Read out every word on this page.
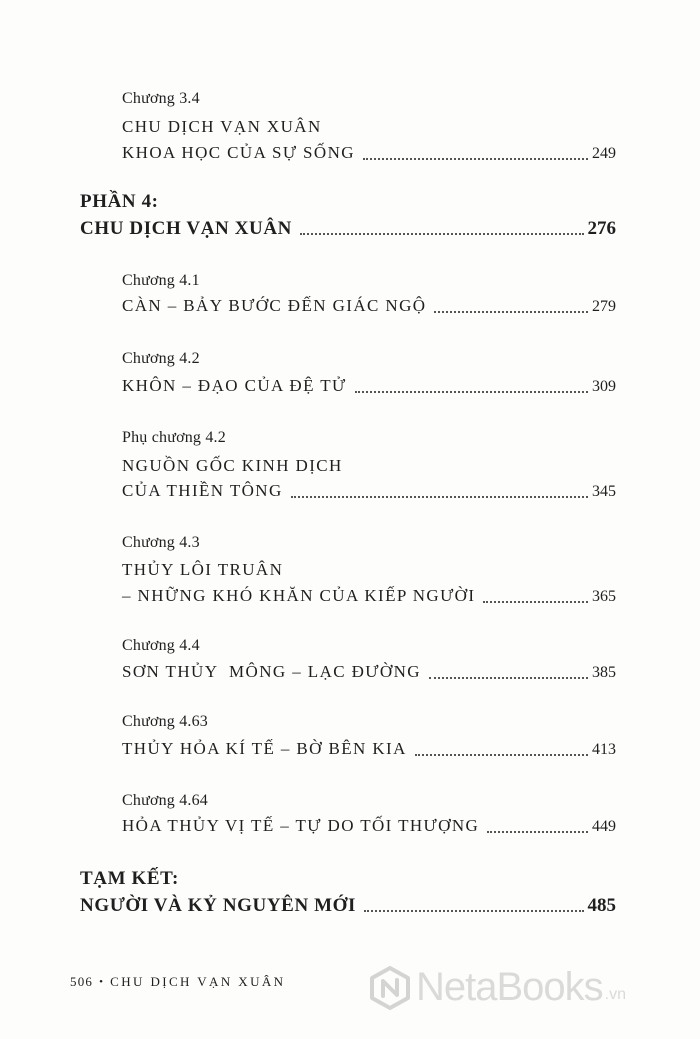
Chương 3.4
CHU DỊCH VẠN XUÂN
KHOA HỌC CỦA SỰ SỐNG	249
PHẦN 4:
CHU DỊCH VẠN XUÂN	276
Chương 4.1
CÀN – BẢY BƯỚC ĐẾN GIÁC NGỘ	279
Chương 4.2
KHÔN – ĐẠO CỦA ĐỆ TỬ	309
Phụ chương 4.2
NGUỒN GỐC KINH DỊCH
CỦA THIỀN TÔNG	345
Chương 4.3
THỦY LÔI TRUÂN
– NHỮNG KHÓ KHĂN CỦA KIẾP NGƯỜI	365
Chương 4.4
SƠN THỦY  MÔNG – LẠC ĐƯỜNG	385
Chương 4.63
THỦY HỎA KÍ TẾ – BỜ BÊN KIA	413
Chương 4.64
HỎA THỦY VỊ TẾ – TỰ DO TỐI THƯỢNG	449
TẠM KẾT:
NGƯỜI VÀ KỶ NGUYÊN MỚI	485
506 • CHU DỊCH VẠN XUÂN	NetaBooks .vn
